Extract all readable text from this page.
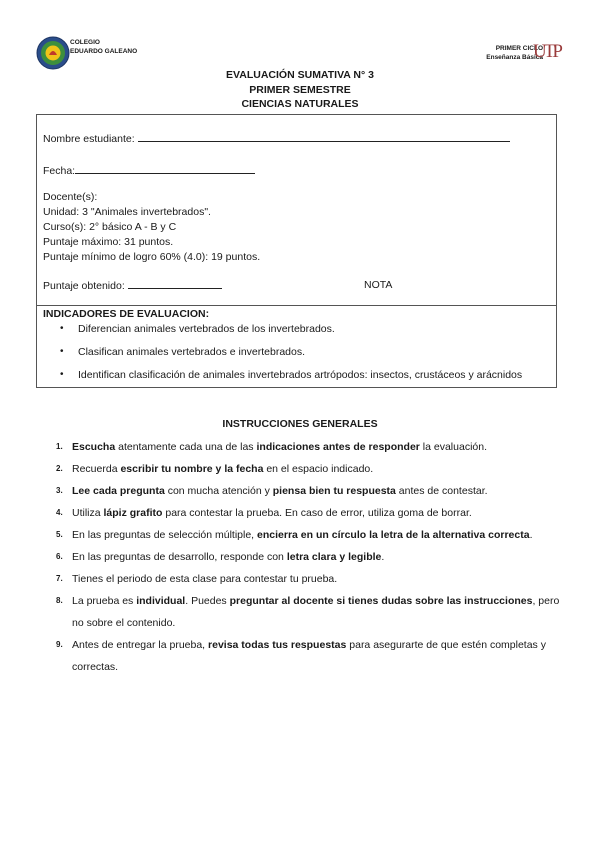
COLEGIO
EDUARDO GALEANO	PRIMER CICLO
Enseñanza Básica
UTP
EVALUACIÓN SUMATIVA N° 3
PRIMER SEMESTRE
CIENCIAS NATURALES
Nombre estudiante:
Fecha:
Docente(s):
Unidad: 3 "Animales invertebrados".
Curso(s): 2° básico A - B y C
Puntaje máximo: 31 puntos.
Puntaje mínimo de logro 60% (4.0): 19 puntos.
Puntaje obtenido:	NOTA
INDICADORES DE EVALUACION:
• Diferencian animales vertebrados de los invertebrados.
• Clasifican animales vertebrados e invertebrados.
• Identifican clasificación de animales invertebrados artrópodos: insectos, crustáceos y arácnidos
INSTRUCCIONES GENERALES
1. Escucha atentamente cada una de las indicaciones antes de responder la evaluación.
2. Recuerda escribir tu nombre y la fecha en el espacio indicado.
3. Lee cada pregunta con mucha atención y piensa bien tu respuesta antes de contestar.
4. Utiliza lápiz grafito para contestar la prueba. En caso de error, utiliza goma de borrar.
5. En las preguntas de selección múltiple, encierra en un círculo la letra de la alternativa correcta.
6. En las preguntas de desarrollo, responde con letra clara y legible.
7. Tienes el periodo de esta clase para contestar tu prueba.
8. La prueba es individual. Puedes preguntar al docente si tienes dudas sobre las instrucciones, pero no sobre el contenido.
9. Antes de entregar la prueba, revisa todas tus respuestas para asegurarte de que estén completas y correctas.
